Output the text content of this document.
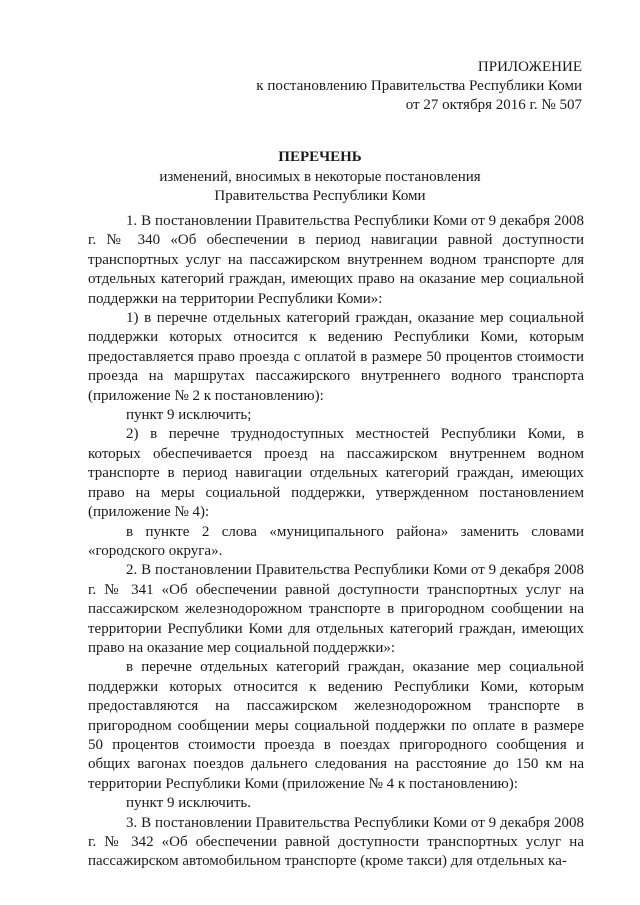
ПРИЛОЖЕНИЕ
к постановлению Правительства Республики Коми
от 27 октября 2016 г. № 507
ПЕРЕЧЕНЬ
изменений, вносимых в некоторые постановления
Правительства Республики Коми

1. В постановлении Правительства Республики Коми от 9 декабря 2008 г. № 340 «Об обеспечении в период навигации равной доступности транспортных услуг на пассажирском внутреннем водном транспорте для отдельных категорий граждан, имеющих право на оказание мер социальной поддержки на территории Республики Коми»:

1) в перечне отдельных категорий граждан, оказание мер социальной поддержки которых относится к ведению Республики Коми, которым предоставляется право проезда с оплатой в размере 50 процентов стоимости проезда на маршрутах пассажирского внутреннего водного транспорта (приложение № 2 к постановлению):

пункт 9 исключить;

2) в перечне труднодоступных местностей Республики Коми, в которых обеспечивается проезд на пассажирском внутреннем водном транспорте в период навигации отдельных категорий граждан, имеющих право на меры социальной поддержки, утвержденном постановлением (приложение № 4):

в пункте 2 слова «муниципального района» заменить словами «городского округа».

2. В постановлении Правительства Республики Коми от 9 декабря 2008 г. № 341 «Об обеспечении равной доступности транспортных услуг на пассажирском железнодорожном транспорте в пригородном сообщении на территории Республики Коми для отдельных категорий граждан, имеющих право на оказание мер социальной поддержки»:

в перечне отдельных категорий граждан, оказание мер социальной поддержки которых относится к ведению Республики Коми, которым предоставляются на пассажирском железнодорожном транспорте в пригородном сообщении меры социальной поддержки по оплате в размере 50 процентов стоимости проезда в поездах пригородного сообщения и общих вагонах поездов дальнего следования на расстояние до 150 км на территории Республики Коми (приложение № 4 к постановлению):

пункт 9 исключить.

3. В постановлении Правительства Республики Коми от 9 декабря 2008 г. № 342 «Об обеспечении равной доступности транспортных услуг на пассажирском автомобильном транспорте (кроме такси) для отдельных ка-
